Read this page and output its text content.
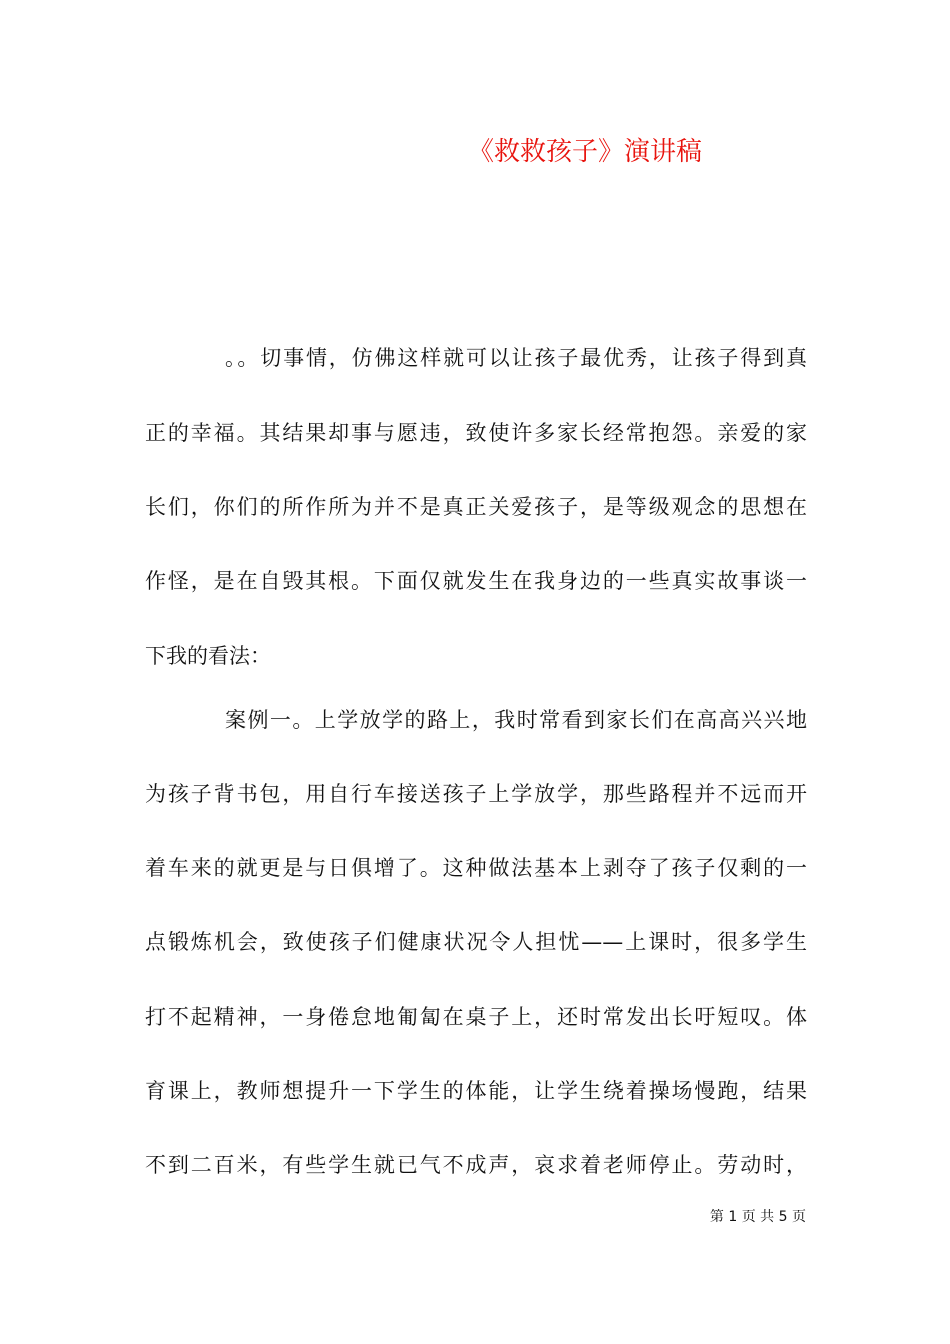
《救救孩子》演讲稿
。。切事情，仿佛这样就可以让孩子最优秀，让孩子得到真
正的幸福。其结果却事与愿违，致使许多家长经常抱怨。亲爱的家
长们，你们的所作所为并不是真正关爱孩子，是等级观念的思想在
作怪，是在自毁其根。下面仅就发生在我身边的一些真实故事谈一
下我的看法：
案例一。上学放学的路上，我时常看到家长们在高高兴兴地
为孩子背书包，用自行车接送孩子上学放学，那些路程并不远而开
着车来的就更是与日俱增了。这种做法基本上剥夺了孩子仅剩的一
点锻炼机会，致使孩子们健康状况令人担忧——上课时，很多学生
打不起精神，一身倦怠地匍匐在桌子上，还时常发出长吁短叹。体
育课上，教师想提升一下学生的体能，让学生绕着操场慢跑，结果
不到二百米，有些学生就已气不成声，哀求着老师停止。劳动时，
第 1 页 共 5 页
